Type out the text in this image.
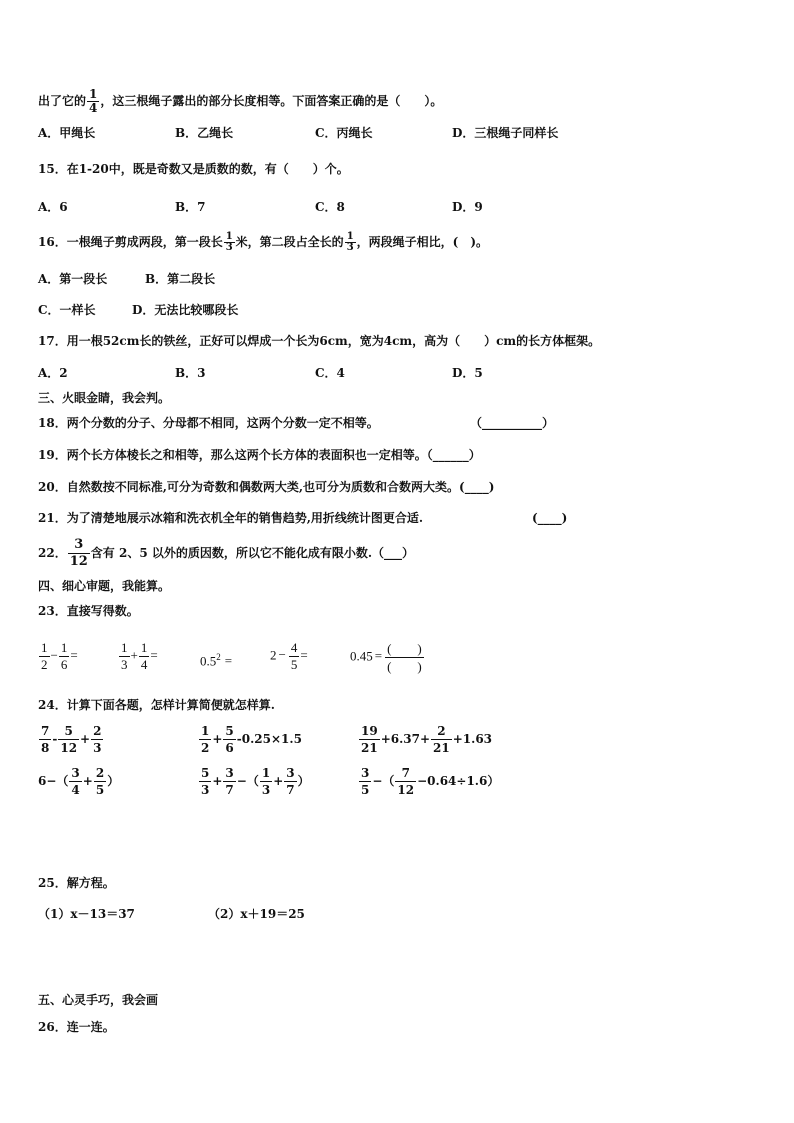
出了它的 $\frac{1}{4}$ ，这三根绳子露出的部分长度相等。下面答案正确的是（　　）。
A．甲绳长	B．乙绳长	C．丙绳长	D．三根绳子同样长
15．在1-20中，既是奇数又是质数的数，有（　　）个。
A．6	B．7	C．8	D．9
16．一根绳子剪成两段，第一段长 $\frac{1}{3}$ 米，第二段占全长的 $\frac{1}{3}$ ，两段绳子相比，(　)。
A．第一段长	B．第二段长
C．一样长	D．无法比较哪段长
17．用一根52cm长的铁丝，正好可以焊成一个长为6cm，宽为4cm，高为（　　）cm的长方体框架。
A．2	B．3	C．4	D．5
三、火眼金睛，我会判。
18．两个分数的分子、分母都不相同，这两个分数一定不相等。	（__________）
19．两个长方体棱长之和相等，那么这两个长方体的表面积也一定相等。（______）
20．自然数按不同标准,可分为奇数和偶数两大类,也可分为质数和合数两大类。(____)
21．为了清楚地展示冰箱和洗衣机全年的销售趋势,用折线统计图更合适.	(____)
22． $\frac{3}{12}$ 含有 2、5 以外的质因数，所以它不能化成有限小数.（___）
四、细心审题，我能算。
23．直接写得数。
$\frac{1}{2} - \frac{1}{6}$ =	$\frac{1}{3} + \frac{1}{4}$ =	$0.5^2$ =	$2 - \frac{4}{5}$ =	$0.45 = \frac{( )}{( )}$
24．计算下面各题，怎样计算简便就怎样算.
$\frac{7}{8} - \frac{5}{12} + \frac{2}{3}$	$\frac{1}{2} + \frac{5}{6} -0.25\times 1.5$	$\frac{19}{21} +6.37+ \frac{2}{21} +1.63$
$6-( \frac{3}{4} + \frac{2}{5}$ ）	$\frac{5}{3} + \frac{3}{7}$ −（ $\frac{1}{3} + \frac{3}{7}$ ）	$\frac{3}{5}$ −（ $\frac{7}{12} -0.64\div 1.6$）
25．解方程。
（1）x－13＝37	（2）x＋19＝25
五、心灵手巧，我会画
26．连一连。
